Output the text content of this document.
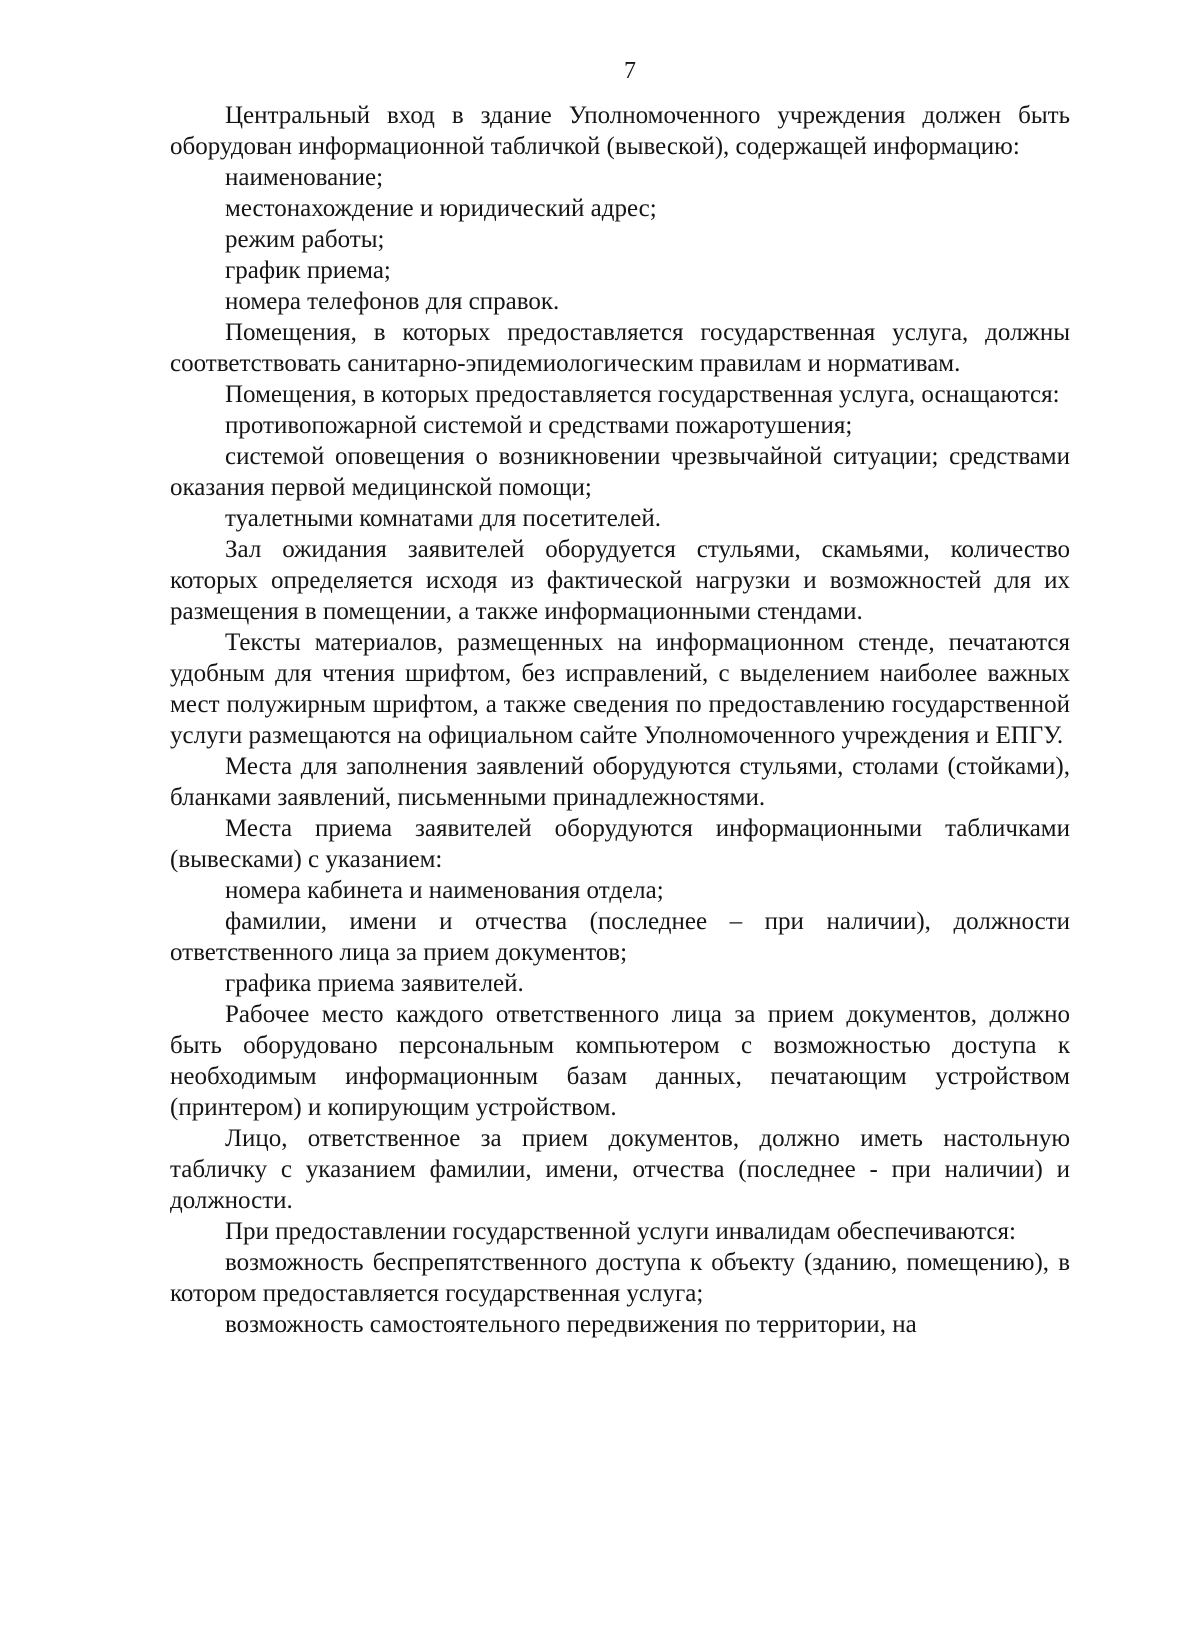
7

Центральный вход в здание Уполномоченного учреждения должен быть оборудован информационной табличкой (вывеской), содержащей информацию:

наименование;

местонахождение и юридический адрес;

режим работы;

график приема;

номера телефонов для справок.

Помещения, в которых предоставляется государственная услуга, должны соответствовать санитарно-эпидемиологическим правилам и нормативам.

Помещения, в которых предоставляется государственная услуга, оснащаются:

противопожарной системой и средствами пожаротушения;

системой оповещения о возникновении чрезвычайной ситуации; средствами оказания первой медицинской помощи;

туалетными комнатами для посетителей.

Зал ожидания заявителей оборудуется стульями, скамьями, количество которых определяется исходя из фактической нагрузки и возможностей для их размещения в помещении, а также информационными стендами.

Тексты материалов, размещенных на информационном стенде, печатаются удобным для чтения шрифтом, без исправлений, с выделением наиболее важных мест полужирным шрифтом, а также сведения по предоставлению государственной услуги размещаются на официальном сайте Уполномоченного учреждения и ЕПГУ.

Места для заполнения заявлений оборудуются стульями, столами (стойками), бланками заявлений, письменными принадлежностями.

Места приема заявителей оборудуются информационными табличками (вывесками) с указанием:

номера кабинета и наименования отдела;

фамилии, имени и отчества (последнее – при наличии), должности ответственного лица за прием документов;

графика приема заявителей.

Рабочее место каждого ответственного лица за прием документов, должно быть оборудовано персональным компьютером с возможностью доступа к необходимым информационным базам данных, печатающим устройством (принтером) и копирующим устройством.

Лицо, ответственное за прием документов, должно иметь настольную табличку с указанием фамилии, имени, отчества (последнее - при наличии) и должности.

При предоставлении государственной услуги инвалидам обеспечиваются:

возможность беспрепятственного доступа к объекту (зданию, помещению), в котором предоставляется государственная услуга;

возможность самостоятельного передвижения по территории, на
